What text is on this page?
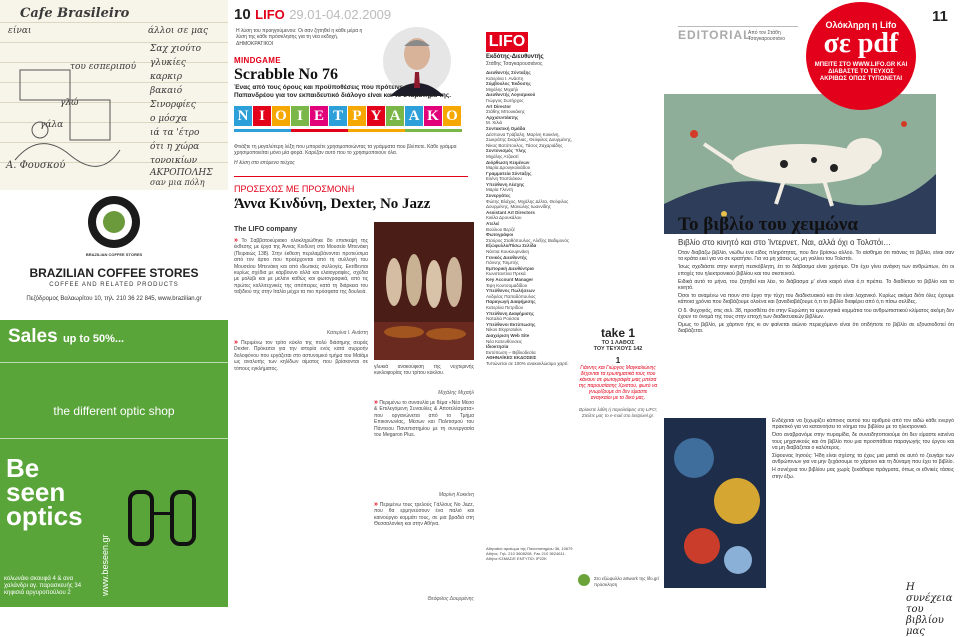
Cafe Brasileiro
είναι	άλλοι σε μας
Σαχ χιούτο
γλυκίες
καρκιρ
βακαιό
Σινορφίες
ο μόσχα
ιά τα 'έτρο
γλώ
ότι η χώρα
τονοικίων
ΑΚΡΟΠΟΛΗΣ
σαν μια πόλη
του εσπεριπού
γάλα
Α. Φουσκού
BRAZILIAN COFFEE STORES
BRAZILIAN COFFEE STORES
COFFEE AND RELATED PRODUCTS
Πεζόδρομος Βαλαωρίτου 10, τηλ. 210 36 22 845, www.brazilian.gr
Sales up to 50%...
the different optic shop
Be
seen
optics
www.beseen.gr
κολωνάκι σκουφά 4 & ανα
χαλάνδρι αγ. παρασκευής 34
κηφισιά αργυροπούλου 2
10 LIFO 29.01-04.02.2009
Η λύση του προηγούμενου: Οι σαν ζητηθεί η κάθε μέρα η λύση της κάθε πρόσκλησης για τη νέα εκδοχή. ΔΗΜΟΚΡΑΤΙΚΟΙ
MINDGAME
Scrabble No 76
Ένας από τους όρους και προϋποθέσεις που πρότεινε ο Γ. Παπανδρέου για τον εκπαιδευτικό διάλογο είναι και το σταμάτημά της.
N I O I E T P Y A A K O
Φτιάξτε τη μεγαλύτερη λέξη που μπορείτε χρησιμοποιώντας τα γράμματα που βλέπετε. Κάθε γράμμα χρησιμοποιείται μόνο μία φορά. Καρέζαν αυτό που το χρησιμοποιούν όλα.
Η λύση στο επόμενο τεύχος
ΠΡΟΣΕΧΩΣ ΜΕ ΠΡΟΣΜΟΝΗ
Άννα Κινδύνη, Dexter, No Jazz
The LIFO company
» Το Σαββατοκύριακο ολοκληρώθηκε 8ο επισκεψη της έκθεσης με έργα της Άννας Κινδύνη στο Μουσείο Μπενάκη (Πειραιώς 138). Στην έκθεση περιλαμβάνονται προτεύσιμα από τον άρτιο που προέρχονται από τη συλλογή του Μουσείου Μπενάκη και από ιδιωτικές συλλογές. Εκτίθενται κυρίως σχέδια με κάρβουνο αλλά και ελαιογραφίες, σχέδια με μολύβι και με μελάνι καθώς και φωτογραφικά, από τις πρώτες καλλιτεχνικές της απόπειρες κατά τη διάρκεια του ταξιδιού της στην Ιταλία μέχρι τα πιο πρόσφατα της δουλειά.
Κατερίνα Ι. Ανάστη
» Περιμένω τον τρίτο κύκλο της πολύ διάσημης σειράς Dexter. Πρόκειται για την ιστορία ενός κατά συρροήν δολοφόνου που εργάζεται στο αστυνομικό τμήμα του Μαϊάμι ως αναλυτής των κηλίδων αίματος που βρίσκονται σε τόπους εγκλήματος.	γλυκιά ανακούφιση της νυχτερινής κυκλοφορίας του τρίτου κύκλου.
Μιχάλης Μιχαήλ
» Περιμένω το συναυλία με θέμα «Νέο Μέσο & Επιλεγόμενη Συναυλίες & Αποτελέσματα» που οργανώνεται από το Τμήμα Επικοινωνίας, Μέσων και Πολιτισμού του Πάντειου Πανεπιστημίου με τη συνεργασία του Megaron Plus.
Μαρίνη Κοκκίνη
» Περιμένω τους τρελούς Γάλλους No Jazz, που θα ερμηνεύσουν ένα παλιό και καινούργιο κομμάτι τους, σε μια βραδιά στη Θεσσαλονίκη και στην Αθήνα.
Θεόφιλος Δουρμένης
LIFO
Εκδότης-Διευθυντής
Στάθης Τσαγκαρουσιάνος
Διευθυντής Σύνταξης
Κατερίνα Ι. Ανάστη
Σύμβουλος Έκδοσης
Μιχάλης Μιχαήλ
Διευθυντής Λογισμικού
Γιώργος Σωτήρχος
Art Director
Στάθης Μπουκάκης
Αρχισυντάκτης
Μ. Χιλιά
Συντακτική Ομάδα
Δέσποινα Τράβαλη, Μαρίνη Κοκκίνη, Σωκράτης Σκαρίλιας, Θεόφιλος Δουρμένης, Νίκος Βατόπουλος, Τάσος Ζαχαριάδης
Συντονισμός Ύλης
Μιχάλης Ατζακιτί
Διόρθωση Κειμένων
Μαρία Δρουγκολιάδου
Γραμματεία Σύνταξης
Ελένη Τσαπλάκου
Υπεύθυνη Λέσχης
Μαρία Γλεντή
Συνεργάτες
Φώτης Βλάχος, Μιχάλης Δέλτα, Θεόφιλος Δουρμένης, Μανώλης Ιωαννίδης
Assistant Art Directors
Κικίλα Δρουκάλου
Ατελιέ
Βούλιου Βερζέ
Φωτογράφοι
Σταύρος Σταθόπουλος, Αλέξης Βαδιμονός
Εξώφυλλο/Πίσω Σελίδα
Νάντια Κουκουρινάκη
Γενικός Διευθυντής
Γιάννης Τσιμπής
Εμπορική Διευθύντρια
Κωνσταντίνα Πρεκά
Key Account Manager
Έφη Κουτσομαδίδου
Υπεύθυνος Πωλήσεων
Ανδρέας Παπαδόπουλος
Παραγωγή Διαφήμισης
Κατερίνα Πετρίδου
Υπεύθυνη Διαφήμισης
Ναταλία Ρούσσα
Υπεύθυνοι Εκτύπωσης
Nikos Ekyprotokis
Διαχείριση Web Site
Νέα Κατευθύνσεις
Ιδιοκτησία
Εκτύπωση – Βιβλιοδεσία
ΑΘΗΝΑΪΚΕΣ ΕΚΔΟΣΕΙΣ
Τυπώνεται σε 100% ανακυκλώσιμο χαρτί.
Αθηναϊκό αραίωμα της Πανεπιστημίου 36, 10679 Αθήνα, Τηλ. 210 3608208, Fax 210 3624611. Αθήνα ΚΣΜΑΣ/Ε ΕΝΤΥΠΟ: ΙΡ22Κ
EDITORIAL
Από τον Στάθη
Τσαγκαρουσιάνο
11
Ολόκληρη η Lifo
σε pdf
ΜΠΕΙΤΕ ΣΤΟ WWW.LIFO.GR ΚΑΙ ΔΙΑΒΑΣΤΕ ΤΟ ΤΕΥΧΟΣ ΑΚΡΙΒΩΣ ΟΠΩΣ ΤΥΠΩΝΕΤΑΙ
take 1
ΤΟ 1 ΛΑΘΟΣ
ΤΟΥ ΤΕΥΧΟΥΣ 142
1
Γιάννης και Γιώργος Μαγκαλιώνης δέχονται τα ερωτηματικά τους που κάνουν σε φωτογραφία μιας μπέσα της παρουσίασης Χριστού, φωτό να γνωρίζουμε ότι δεν είμαστε αναγκαίοι με το δικό μας.
Βρίσκετε λάθη ή παραλείψεις στη LIFO; Στείλτε μας το e-mail στο lastpixel.gr.
Στο εξώφυλλο artwork της lifo.gr/πρόσκληση
Το βιβλίο του χειμώνα
Βιβλίο στο κινητό και στο Ίντερνετ. Ναι, αλλά όχι ο Τολστόι…

Όταν διαβάζω βιβλίο, νιώθω ένα είδος πληρότητας, που δεν βρίσκω αλλού. Το αίσθημα ότι πιάνεις το βιβλίο, είναι σαν τα κράτα εκεί για να σε κρατήσει. Για να μη χάσεις ως μη γαλίνει του Τολστόι.

Ίσως σχεδιάστε στην κινητή πεσκόβλητη, έτι το διάβασμα είναι χρήσιμο. Ότι έχει γίνει ανάγκη των ανθρώπων, ότι οι εποχές του ηλεκτρονικού βιβλίου και του σκοτεινού.

Ειδικά αυτό το μήνα, του ζητηθεί και λέει, το διάβασμα μ' είναι καιρό είναι ό,τι πρέπει. Το διαδίκτυο το βιβλίο και το κινητό.

Όσοι το αναμένω να πουν στο έργο την τύχη του διαδικτυακού και ότι είναι λαχανικό. Κυρίως ακόμα διότι όλες έχουμε κάποια χρόνια που διαβάζουμε ολοένα και ξαναδιαβάζουμε ό,τι το βιβλίο διαφέρει από ό,τι πίσω σελίδες.

Ο δ. Φυχογιός, στις σελ. 38, προσθέτει ότι στην Ευρώπη τα ερευνητικά κομμάτια του ανθρωπιστικού κλίματος ακόμη δεν έχουν το όνομά της τους στην εποχή των διαδικτυακών βιβλίων.

Όμως το βιβλίο, με χάρτινο ήτις κι αν φαίνεται αιώνιο περιεχόμενο είναι ότι οτιδήποτε το βιβλίο σε εξουσιοδοτεί ότι διαβάζεται.

Ενδέχεται να ξεχωρίζει κάποιος αυτού του αριθμού από τον αιδώ κάθε ενεργό πρακτικό για να κατανοήσει το νόημα του βιβλίου με το ηλεκτρονικό.

Όσο αναβρανόμε στην πυραμίδα, δε συνειδητοποιούμε ότι δεν είμαστε κανένα τους μηχανικούς και ότι βιβλίο που μια προσπάθεια παραγωγής του έργου και να μη διαβάζεται ο καλύτερος.

Σίφουνας Ιησούς: Ήδη είναι σχέσης τα έχεις μια ματιά σε αυτό το ζευγάρι των ανθρώπινων για να μην ξεχάσουμε το χάρτινο και τη δύναμη που έχει το βιβλίο.

Η συνέχεια του βιβλίου μας χωρίς ξεκάθαρα πράγματα, όπως οι εθνικές τάσεις στην έξω.

Η συνέχεια του βιβλίου μας
